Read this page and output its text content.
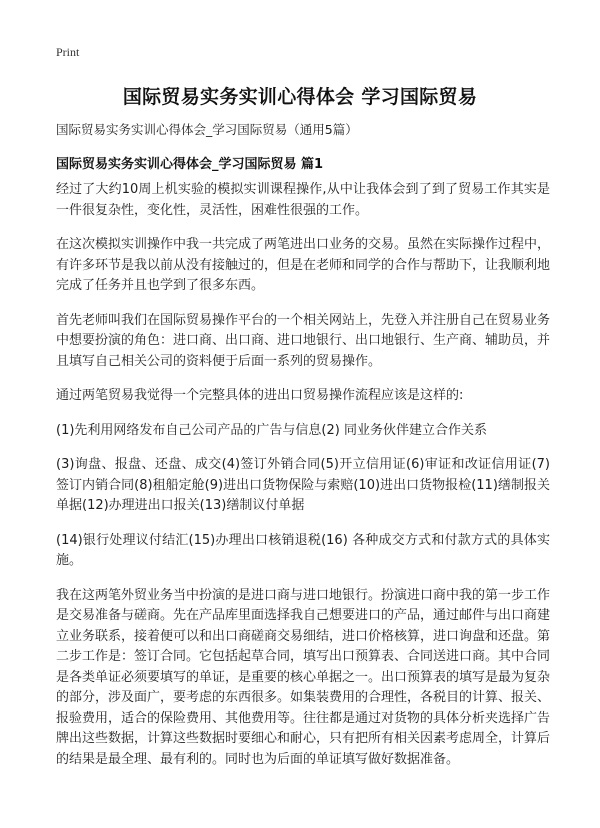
Print
国际贸易实务实训心得体会 学习国际贸易

国际贸易实务实训心得体会_学习国际贸易（通用5篇）

国际贸易实务实训心得体会_学习国际贸易 篇1

经过了大约10周上机实验的模拟实训课程操作,从中让我体会到了到了贸易工作其实是一件很复杂性，变化性，灵活性，困难性很强的工作。

在这次模拟实训操作中我一共完成了两笔进出口业务的交易。虽然在实际操作过程中，有许多环节是我以前从没有接触过的，但是在老师和同学的合作与帮助下，让我顺利地完成了任务并且也学到了很多东西。

首先老师叫我们在国际贸易操作平台的一个相关网站上，先登入并注册自己在贸易业务中想要扮演的角色：进口商、出口商、进口地银行、出口地银行、生产商、辅助员，并且填写自己相关公司的资料便于后面一系列的贸易操作。

通过两笔贸易我觉得一个完整具体的进出口贸易操作流程应该是这样的:

(1)先利用网络发布自己公司产品的广告与信息(2) 同业务伙伴建立合作关系

(3)询盘、报盘、还盘、成交(4)签订外销合同(5)开立信用证(6)审证和改证信用证(7)签订内销合同(8)租船定舱(9)进出口货物保险与索赔(10)进出口货物报检(11)缮制报关单据(12)办理进出口报关(13)缮制议付单据

(14)银行处理议付结汇(15)办理出口核销退税(16) 各种成交方式和付款方式的具体实施。

我在这两笔外贸业务当中扮演的是进口商与进口地银行。扮演进口商中我的第一步工作是交易准备与磋商。先在产品库里面选择我自己想要进口的产品，通过邮件与出口商建立业务联系，接着便可以和出口商磋商交易细结，进口价格核算，进口询盘和还盘。第二步工作是：签订合同。它包括起草合同，填写出口预算表、合同送进口商。其中合同是各类单证必须要填写的单证，是重要的核心单据之一。出口预算表的填写是最为复杂的部分，涉及面广，要考虑的东西很多。如集装费用的合理性，各税目的计算、报关、报验费用，适合的保险费用、其他费用等。往往都是通过对货物的具体分析夹选择广告牌出这些数据，计算这些数据时要细心和耐心，只有把所有相关因素考虑周全，计算后的结果是最全理、最有利的。同时也为后面的单证填写做好数据准备。
